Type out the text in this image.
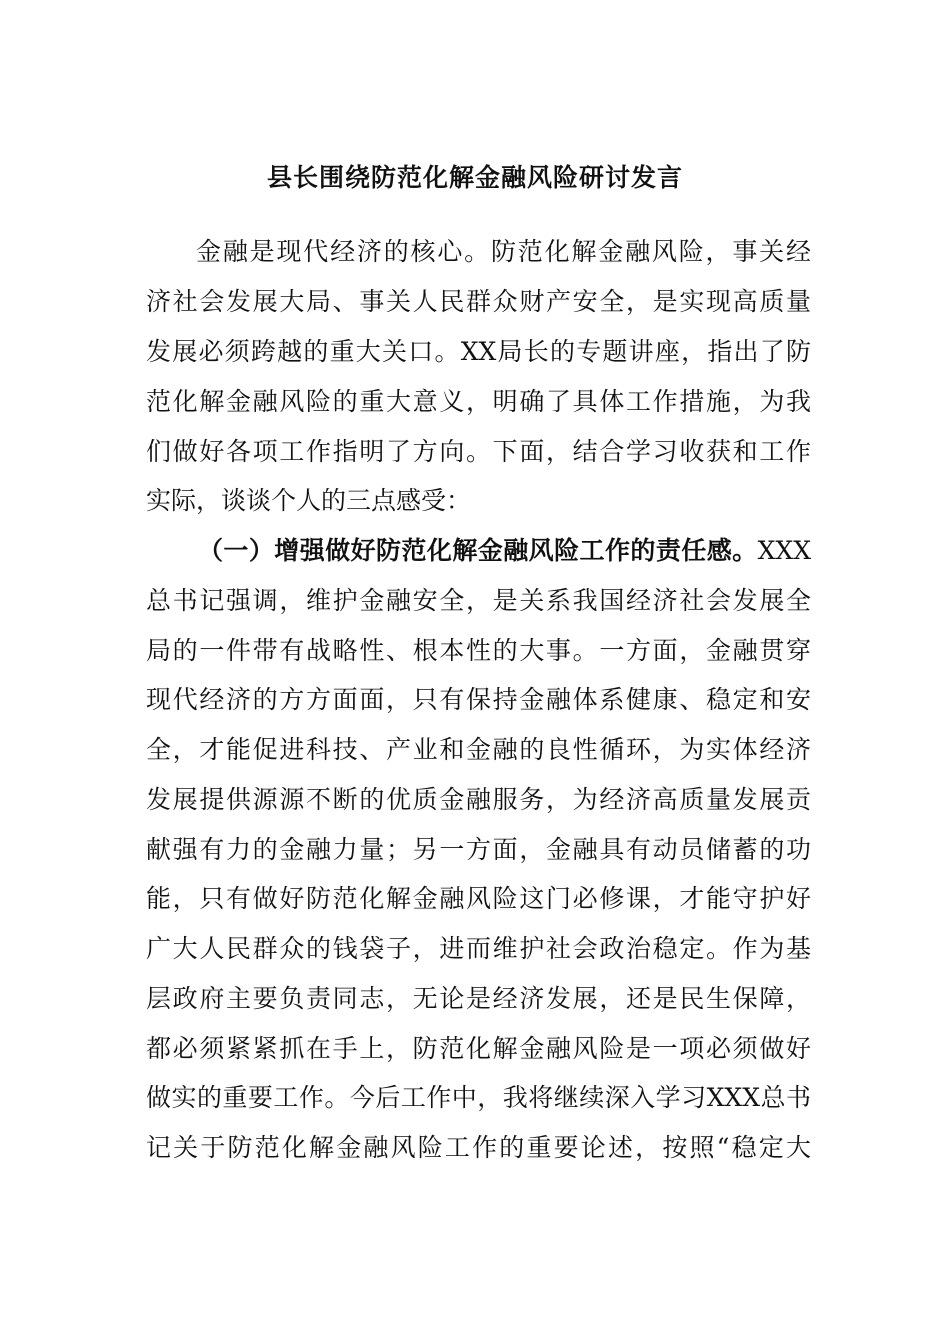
县长围绕防范化解金融风险研讨发言
金融是现代经济的核心。防范化解金融风险，事关经
济社会发展大局、事关人民群众财产安全，是实现高质量
发展必须跨越的重大关口。XX局长的专题讲座，指出了防
范化解金融风险的重大意义，明确了具体工作措施，为我
们做好各项工作指明了方向。下面，结合学习收获和工作
实际，谈谈个人的三点感受：
（一）增强做好防范化解金融风险工作的责任感。XXX
总书记强调，维护金融安全，是关系我国经济社会发展全
局的一件带有战略性、根本性的大事。一方面，金融贯穿
现代经济的方方面面，只有保持金融体系健康、稳定和安
全，才能促进科技、产业和金融的良性循环，为实体经济
发展提供源源不断的优质金融服务，为经济高质量发展贡
献强有力的金融力量；另一方面，金融具有动员储蓄的功
能，只有做好防范化解金融风险这门必修课，才能守护好
广大人民群众的钱袋子，进而维护社会政治稳定。作为基
层政府主要负责同志，无论是经济发展，还是民生保障，
都必须紧紧抓在手上，防范化解金融风险是一项必须做好
做实的重要工作。今后工作中，我将继续深入学习XXX总书
记关于防范化解金融风险工作的重要论述，按照“稳定大
